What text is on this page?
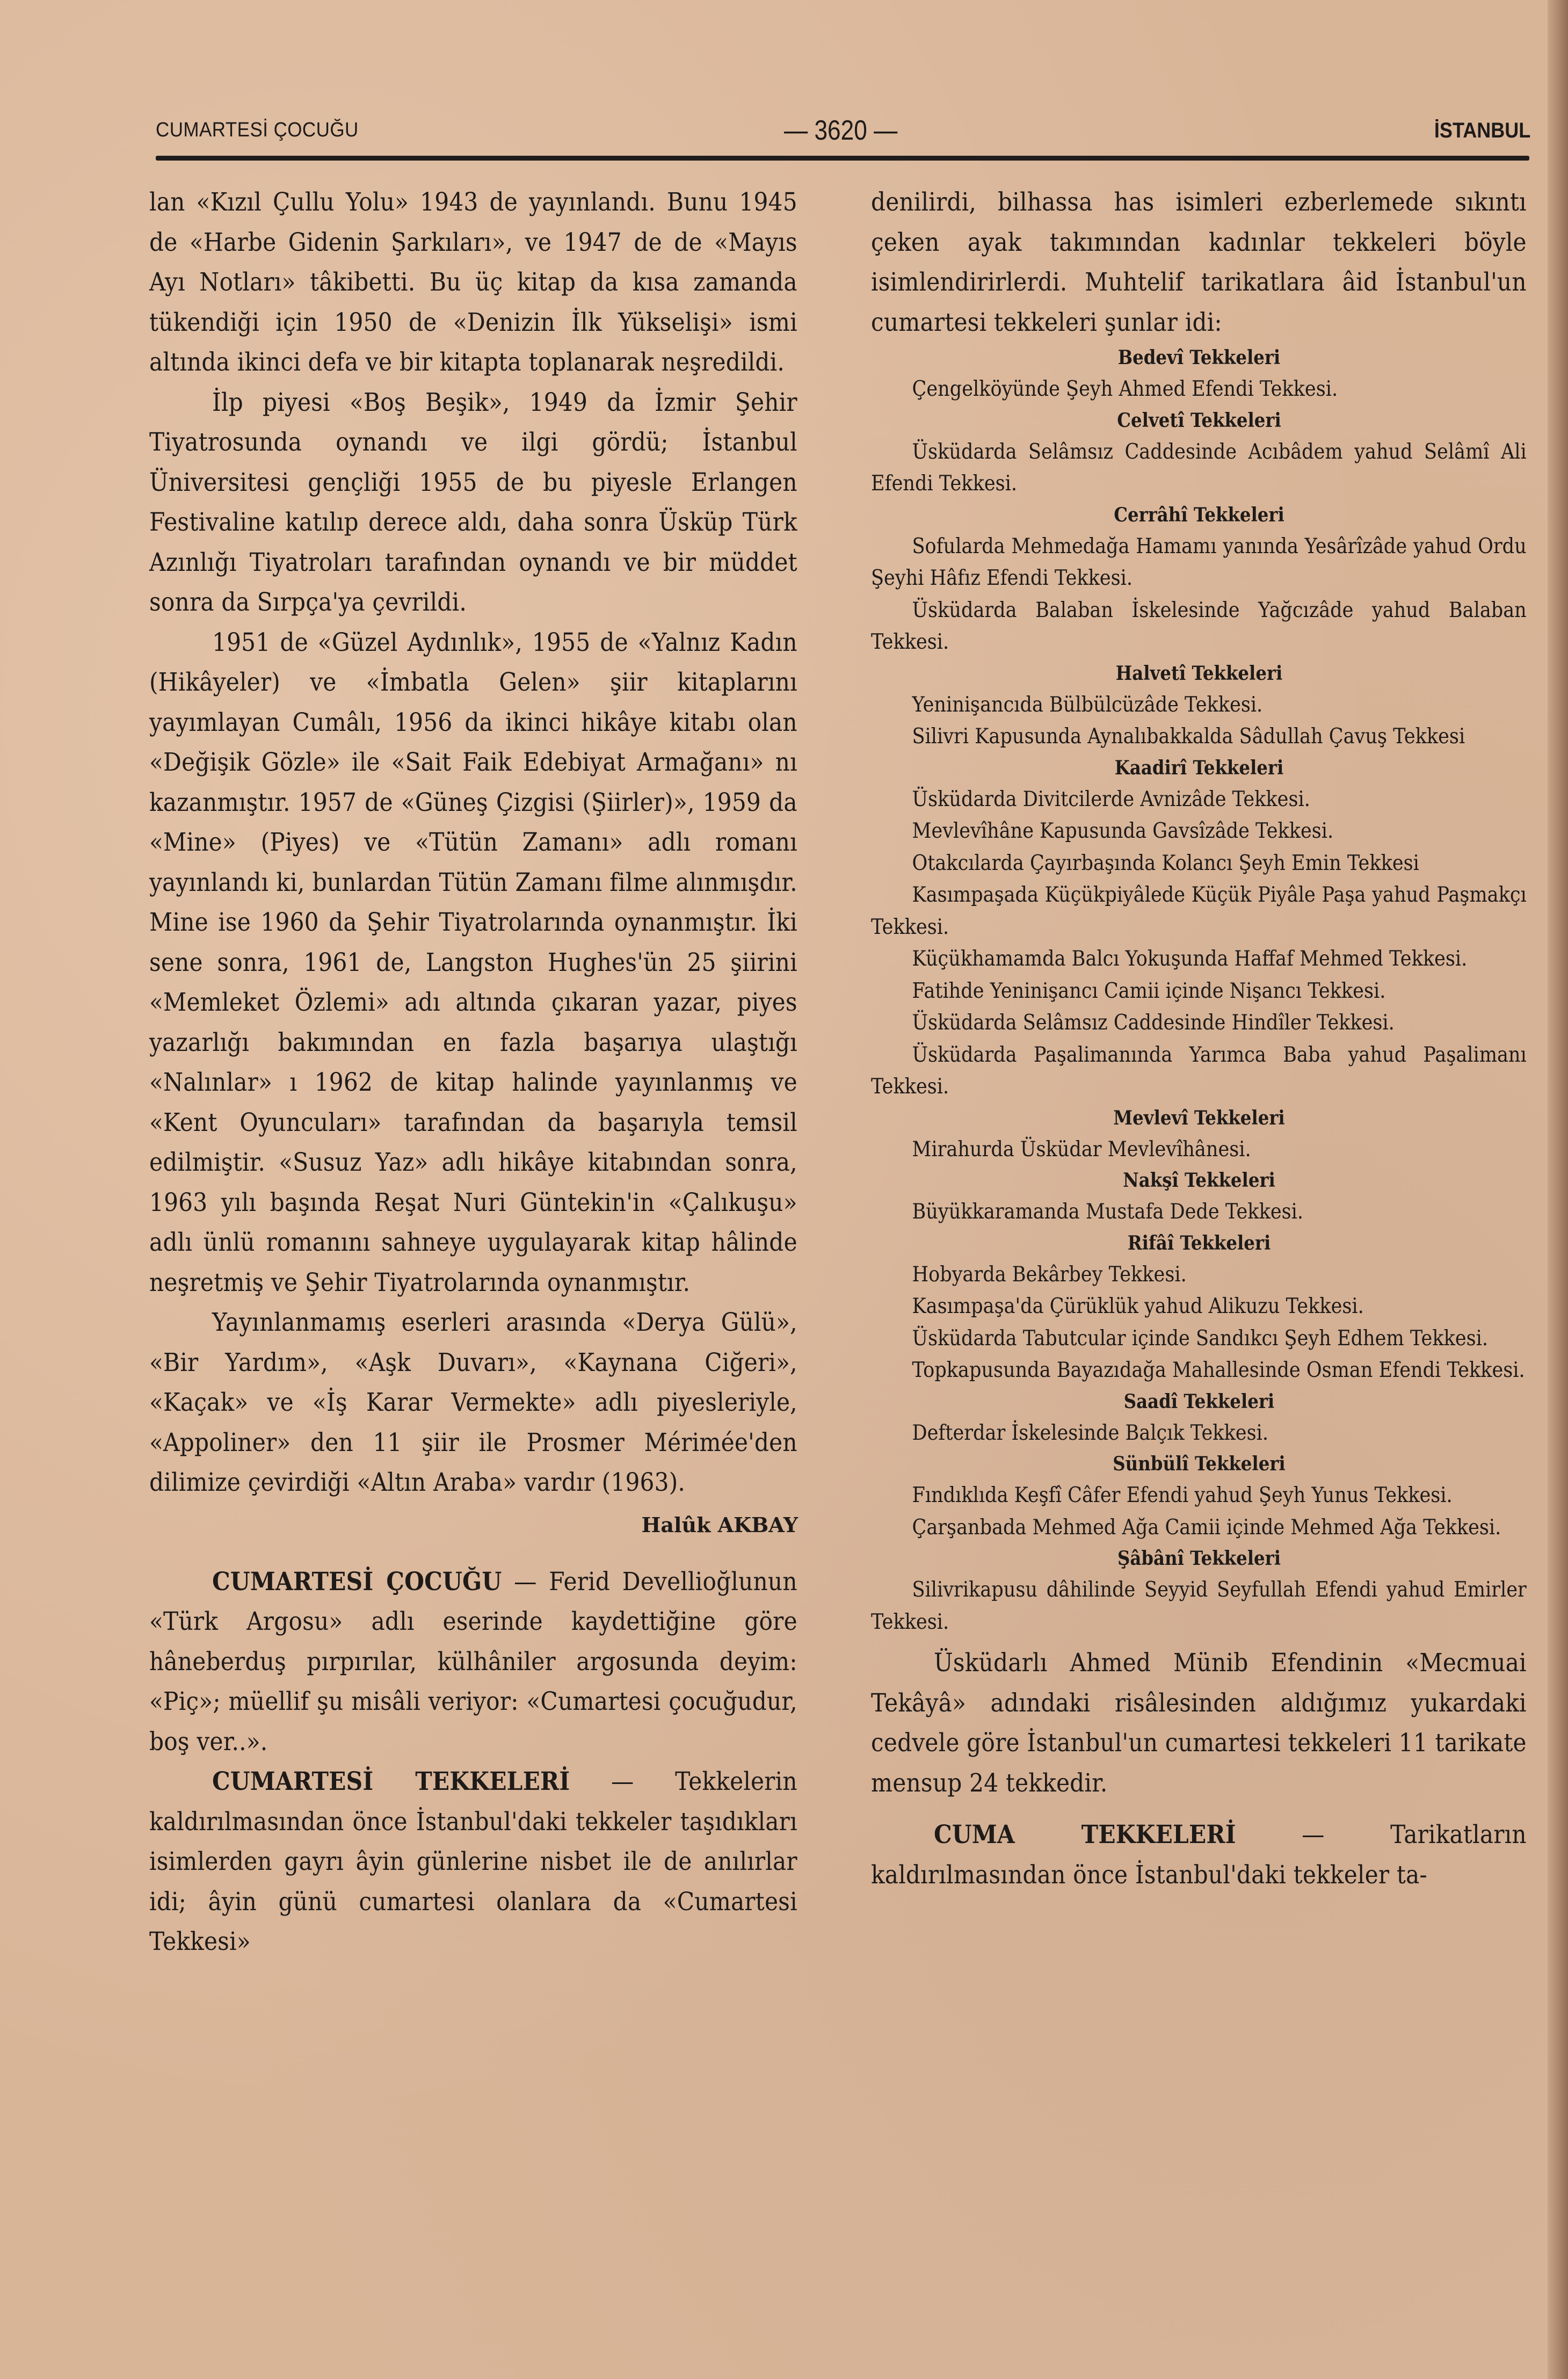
CUMARTESİ ÇOCUĞU	— 3620 —	İSTANBUL

lan «Kızıl Çullu Yolu» 1943 de yayınlandı. Bunu 1945 de «Harbe Gidenin Şarkıları», ve 1947 de de «Mayıs Ayı Notları» tâkibetti. Bu üç kitap da kısa zamanda tükendiği için 1950 de «Denizin İlk Yükselişi» ismi altında ikinci defa ve bir kitapta toplanarak neşredildi.

İlp piyesi «Boş Beşik», 1949 da İzmir Şehir Tiyatrosunda oynandı ve ilgi gördü; İstanbul Üniversitesi gençliği 1955 de bu piyesle Erlangen Festivaline katılıp derece aldı, daha sonra Üsküp Türk Azınlığı Tiyatroları tarafından oynandı ve bir müddet sonra da Sırpça'ya çevrildi.

1951 de «Güzel Aydınlık», 1955 de «Yalnız Kadın (Hikâyeler) ve «İmbatla Gelen» şiir kitaplarını yayımlayan Cumâlı, 1956 da ikinci hikâye kitabı olan «Değişik Gözle» ile «Sait Faik Edebiyat Armağanı» nı kazanmıştır. 1957 de «Güneş Çizgisi (Şiirler)», 1959 da «Mine» (Piyes) ve «Tütün Zamanı» adlı romanı yayınlandı ki, bunlardan Tütün Zamanı filme alınmışdır. Mine ise 1960 da Şehir Tiyatrolarında oynanmıştır. İki sene sonra, 1961 de, Langston Hughes'ün 25 şiirini «Memleket Özlemi» adı altında çıkaran yazar, piyes yazarlığı bakımından en fazla başarıya ulaştığı «Nalınlar» ı 1962 de kitap halinde yayınlanmış ve «Kent Oyuncuları» tarafından da başarıyla temsil edilmiştir. «Susuz Yaz» adlı hikâye kitabından sonra, 1963 yılı başında Reşat Nuri Güntekin'in «Çalıkuşu» adlı ünlü romanını sahneye uygulayarak kitap hâlinde neşretmiş ve Şehir Tiyatrolarında oynanmıştır.

Yayınlanmamış eserleri arasında «Derya Gülü», «Bir Yardım», «Aşk Duvarı», «Kaynana Ciğeri», «Kaçak» ve «İş Karar Vermekte» adlı piyesleriyle, «Appoliner» den 11 şiir ile Prosmer Mérimée'den dilimize çevirdiği «Altın Araba» vardır (1963).

Halûk AKBAY

CUMARTESİ ÇOCUĞU — Ferid Devellioğlunun «Türk Argosu» adlı eserinde kaydettiğine göre hâneberduş pırpırılar, külhâniler argosunda deyim: «Piç»; müellif şu misâli veriyor: «Cumartesi çocuğudur, boş ver..».

CUMARTESİ TEKKELERİ — Tekkelerin kaldırılmasından önce İstanbul'daki tekkeler taşıdıkları isimlerden gayrı âyin günlerine nisbet ile de anılırlar idi; âyin günü cumartesi olanlara da «Cumartesi Tekkesi»

denilirdi, bilhassa has isimleri ezberlemede sıkıntı çeken ayak takımından kadınlar tekkeleri böyle isimlendirirlerdi. Muhtelif tarikatlara âid İstanbul'un cumartesi tekkeleri şunlar idi:

Bedevî Tekkeleri

Çengelköyünde Şeyh Ahmed Efendi Tekkesi.

Celvetî Tekkeleri

Üsküdarda Selâmsız Caddesinde Acıbâdem yahud Selâmî Ali Efendi Tekkesi.

Cerrâhî Tekkeleri

Sofularda Mehmedağa Hamamı yanında Yesârîzâde yahud Ordu Şeyhi Hâfız Efendi Tekkesi.

Üsküdarda Balaban İskelesinde Yağcızâde yahud Balaban Tekkesi.

Halvetî Tekkeleri

Yeninişancıda Bülbülcüzâde Tekkesi.

Silivri Kapusunda Aynalıbakkalda Sâdullah Çavuş Tekkesi

Kaadirî Tekkeleri

Üsküdarda Divitcilerde Avnizâde Tekkesi.

Mevlevîhâne Kapusunda Gavsîzâde Tekkesi.

Otakcılarda Çayırbaşında Kolancı Şeyh Emin Tekkesi

Kasımpaşada Küçükpiyâlede Küçük Piyâle Paşa yahud Paşmakçı Tekkesi.

Küçükhamamda Balcı Yokuşunda Haffaf Mehmed Tekkesi.

Fatihde Yeninişancı Camii içinde Nişancı Tekkesi.

Üsküdarda Selâmsız Caddesinde Hindîler Tekkesi.

Üsküdarda Paşalimanında Yarımca Baba yahud Paşalimanı Tekkesi.

Mevlevî Tekkeleri

Mirahurda Üsküdar Mevlevîhânesi.

Nakşî Tekkeleri

Büyükkaramanda Mustafa Dede Tekkesi.

Rifâî Tekkeleri

Hobyarda Bekârbey Tekkesi.

Kasımpaşa'da Çürüklük yahud Alikuzu Tekkesi.

Üsküdarda Tabutcular içinde Sandıkcı Şeyh Edhem Tekkesi.

Topkapusunda Bayazıdağa Mahallesinde Osman Efendi Tekkesi.

Saadî Tekkeleri

Defterdar İskelesinde Balçık Tekkesi.

Sünbülî Tekkeleri

Fındıklıda Keşfî Câfer Efendi yahud Şeyh Yunus Tekkesi.

Çarşanbada Mehmed Ağa Camii içinde Mehmed Ağa Tekkesi.

Şâbânî Tekkeleri

Silivrikapusu dâhilinde Seyyid Seyfullah Efendi yahud Emirler Tekkesi.

Üsküdarlı Ahmed Münib Efendinin «Mecmuai Tekâyâ» adındaki risâlesinden aldığımız yukardaki cedvele göre İstanbul'un cumartesi tekkeleri 11 tarikate mensup 24 tekkedir.

CUMA TEKKELERİ — Tarikatların kaldırılmasından önce İstanbul'daki tekkeler ta-
